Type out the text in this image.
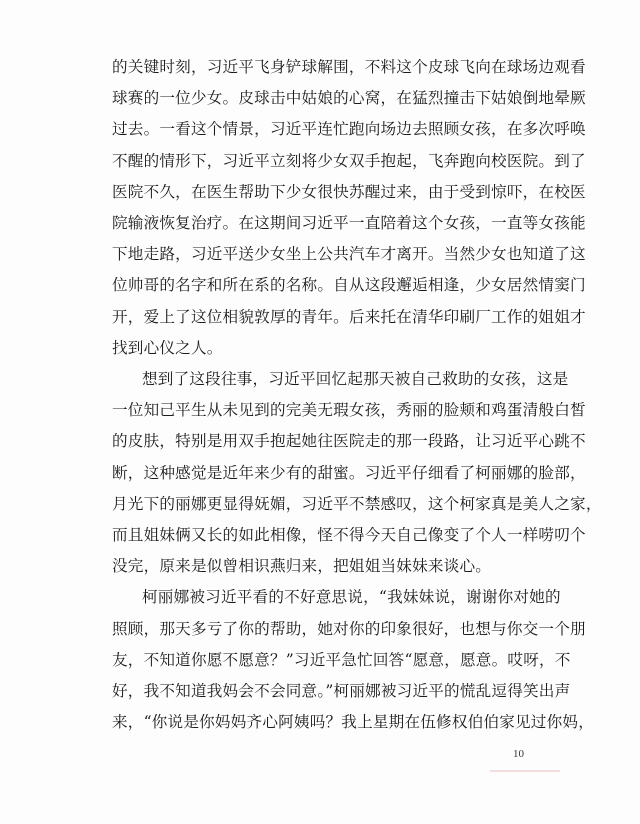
的关键时刻，习近平飞身铲球解围，不料这个皮球飞向在球场边观看
球赛的一位少女。皮球击中姑娘的心窝，在猛烈撞击下姑娘倒地晕厥
过去。一看这个情景，习近平连忙跑向场边去照顾女孩，在多次呼唤
不醒的情形下，习近平立刻将少女双手抱起，飞奔跑向校医院。到了
医院不久，在医生帮助下少女很快苏醒过来，由于受到惊吓，在校医
院输液恢复治疗。在这期间习近平一直陪着这个女孩，一直等女孩能
下地走路，习近平送少女坐上公共汽车才离开。当然少女也知道了这
位帅哥的名字和所在系的名称。自从这段邂逅相逢，少女居然情窦门
开，爱上了这位相貌敦厚的青年。后来托在清华印刷厂工作的姐姐才
找到心仪之人。

想到了这段往事，习近平回忆起那天被自己救助的女孩，这是
一位知己平生从未见到的完美无瑕女孩，秀丽的脸颊和鸡蛋清般白皙
的皮肤，特别是用双手抱起她往医院走的那一段路，让习近平心跳不
断，这种感觉是近年来少有的甜蜜。习近平仔细看了柯丽娜的脸部，
月光下的丽娜更显得妩媚，习近平不禁感叹，这个柯家真是美人之家，
而且姐妹俩又长的如此相像，怪不得今天自己像变了个人一样唠叨个
没完，原来是似曾相识燕归来，把姐姐当妹妹来谈心。

柯丽娜被习近平看的不好意思说，“我妹妹说，谢谢你对她的
照顾，那天多亏了你的帮助，她对你的印象很好，也想与你交一个朋
友，不知道你愿不愿意？”习近平急忙回答“愿意，愿意。哎呀，不
好，我不知道我妈会不会同意。”柯丽娜被习近平的慌乱逗得笑出声
来，“你说是你妈妈齐心阿姨吗？我上星期在伍修权伯伯家见过你妈，

10
